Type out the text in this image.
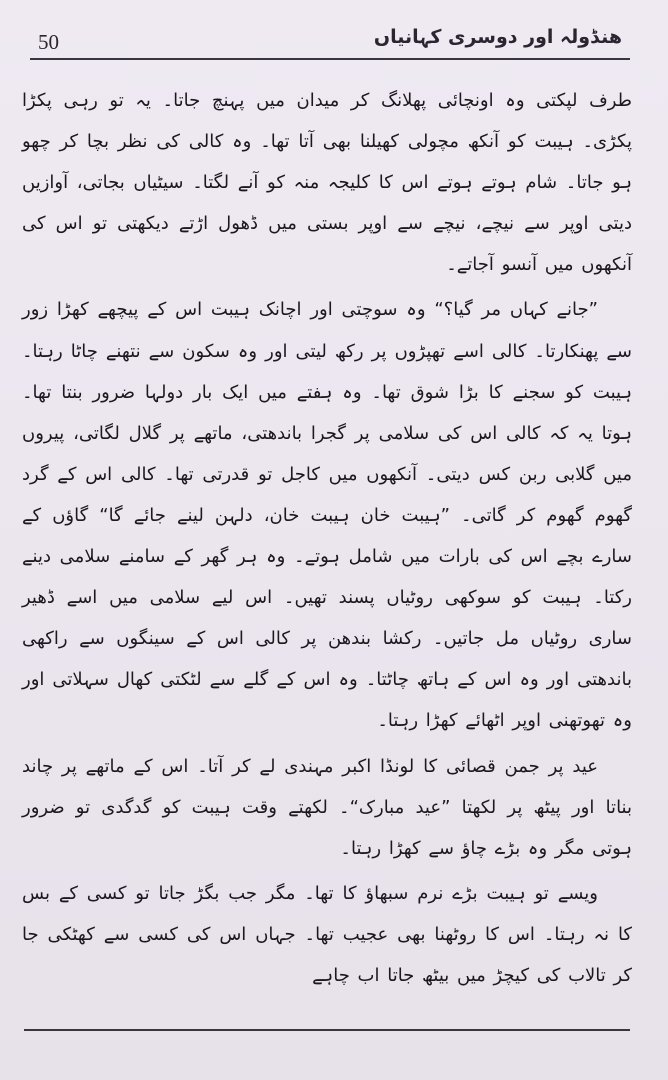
50	ھنڈولہ اور دوسری کہانیاں

طرف لپکتی وہ اونچائی پھلانگ کر میدان میں پہنچ جاتا۔ یہ تو رہی پکڑا پکڑی۔ ہیبت کو آنکھ مچولی کھیلنا بھی آتا تھا۔ وہ کالی کی نظر بچا کر چھو ہو جاتا۔ شام ہوتے ہوتے اس کا کلیجہ منہ کو آنے لگتا۔ سیٹیاں بجاتی، آوازیں دیتی اوپر سے نیچے، نیچے سے اوپر بستی میں ڈھول اڑتے دیکھتی تو اس کی آنکھوں میں آنسو آجاتے۔

”جانے کہاں مر گیا؟“ وہ سوچتی اور اچانک ہیبت اس کے پیچھے کھڑا زور سے پھنکارتا۔ کالی اسے تھپڑوں پر رکھ لیتی اور وہ سکون سے نتھنے چاٹا رہتا۔ ہیبت کو سجنے کا بڑا شوق تھا۔ وہ ہفتے میں ایک بار دولہا ضرور بنتا تھا۔ ہوتا یہ کہ کالی اس کی سلامی پر گجرا باندھتی، ماتھے پر گلال لگاتی، پیروں میں گلابی ربن کس دیتی۔ آنکھوں میں کاجل تو قدرتی تھا۔ کالی اس کے گرد گھوم گھوم کر گاتی۔ ”ہیبت خان ہیبت خان، دلہن لینے جائے گا“ گاؤں کے سارے بچے اس کی بارات میں شامل ہوتے۔ وہ ہر گھر کے سامنے سلامی دینے رکتا۔ ہیبت کو سوکھی روٹیاں پسند تھیں۔ اس لیے سلامی میں اسے ڈھیر ساری روٹیاں مل جاتیں۔ رکشا بندھن پر کالی اس کے سینگوں سے راکھی باندھتی اور وہ اس کے ہاتھ چاٹتا۔ وہ اس کے گلے سے لٹکتی کھال سہلاتی اور وہ تھوتھنی اوپر اٹھائے کھڑا رہتا۔

عید پر جمن قصائی کا لونڈا اکبر مہندی لے کر آتا۔ اس کے ماتھے پر چاند بناتا اور پیٹھ پر لکھتا ”عید مبارک“۔ لکھتے وقت ہیبت کو گدگدی تو ضرور ہوتی مگر وہ بڑے چاؤ سے کھڑا رہتا۔

ویسے تو ہیبت بڑے نرم سبھاؤ کا تھا۔ مگر جب بگڑ جاتا تو کسی کے بس کا نہ رہتا۔ اس کا روٹھنا بھی عجیب تھا۔ جہاں اس کی کسی سے کھٹکی جا کر تالاب کی کیچڑ میں بیٹھ جاتا اب چاہے
